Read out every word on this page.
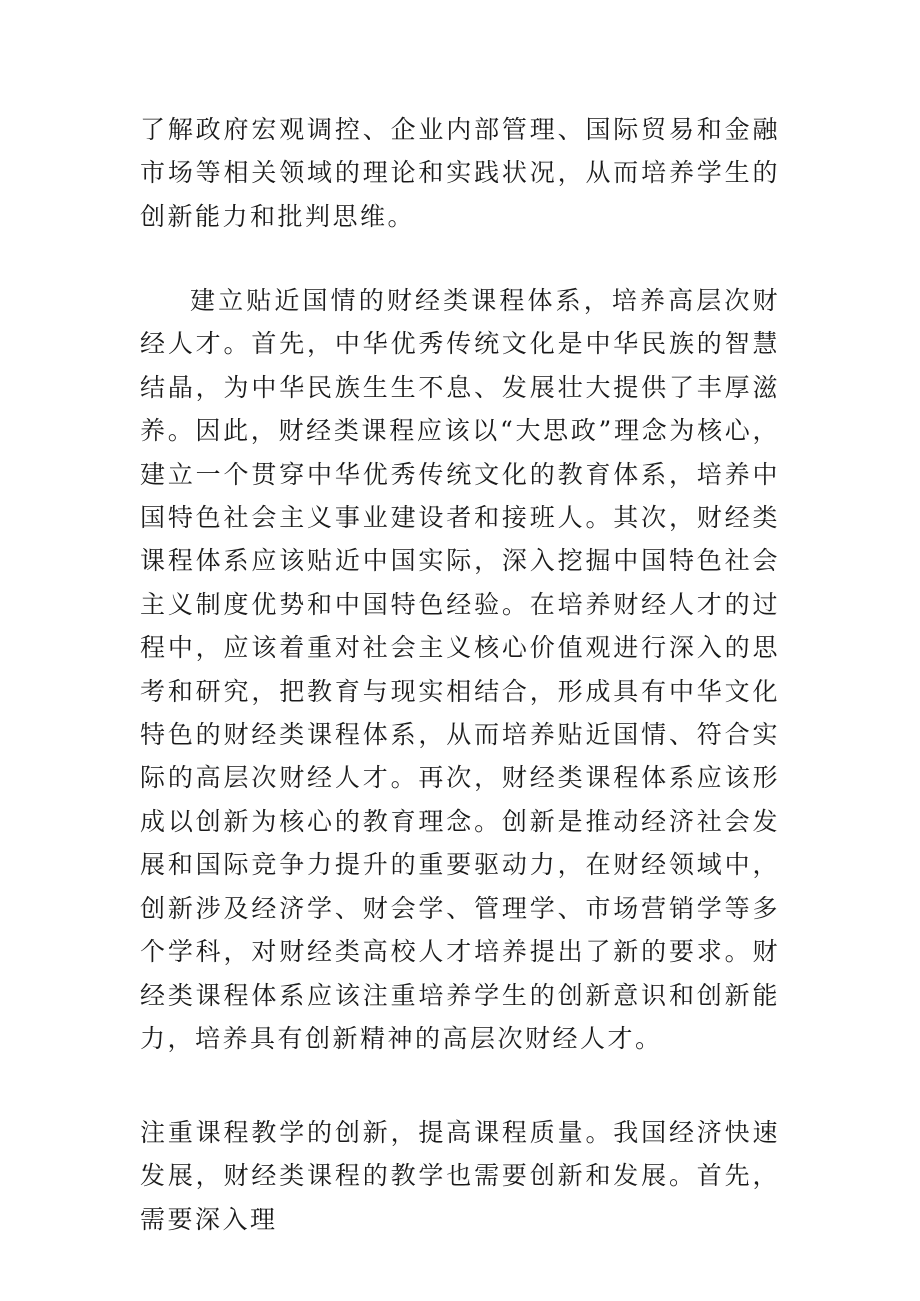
了解政府宏观调控、企业内部管理、国际贸易和金融市场等相关领域的理论和实践状况，从而培养学生的创新能力和批判思维。

建立贴近国情的财经类课程体系，培养高层次财经人才。首先，中华优秀传统文化是中华民族的智慧结晶，为中华民族生生不息、发展壮大提供了丰厚滋养。因此，财经类课程应该以“大思政”理念为核心，建立一个贯穿中华优秀传统文化的教育体系，培养中国特色社会主义事业建设者和接班人。其次，财经类课程体系应该贴近中国实际，深入挖掘中国特色社会主义制度优势和中国特色经验。在培养财经人才的过程中，应该着重对社会主义核心价值观进行深入的思考和研究，把教育与现实相结合，形成具有中华文化特色的财经类课程体系，从而培养贴近国情、符合实际的高层次财经人才。再次，财经类课程体系应该形成以创新为核心的教育理念。创新是推动经济社会发展和国际竞争力提升的重要驱动力，在财经领域中，创新涉及经济学、财会学、管理学、市场营销学等多个学科，对财经类高校人才培养提出了新的要求。财经类课程体系应该注重培养学生的创新意识和创新能力，培养具有创新精神的高层次财经人才。

注重课程教学的创新，提高课程质量。我国经济快速发展，财经类课程的教学也需要创新和发展。首先，需要深入理
